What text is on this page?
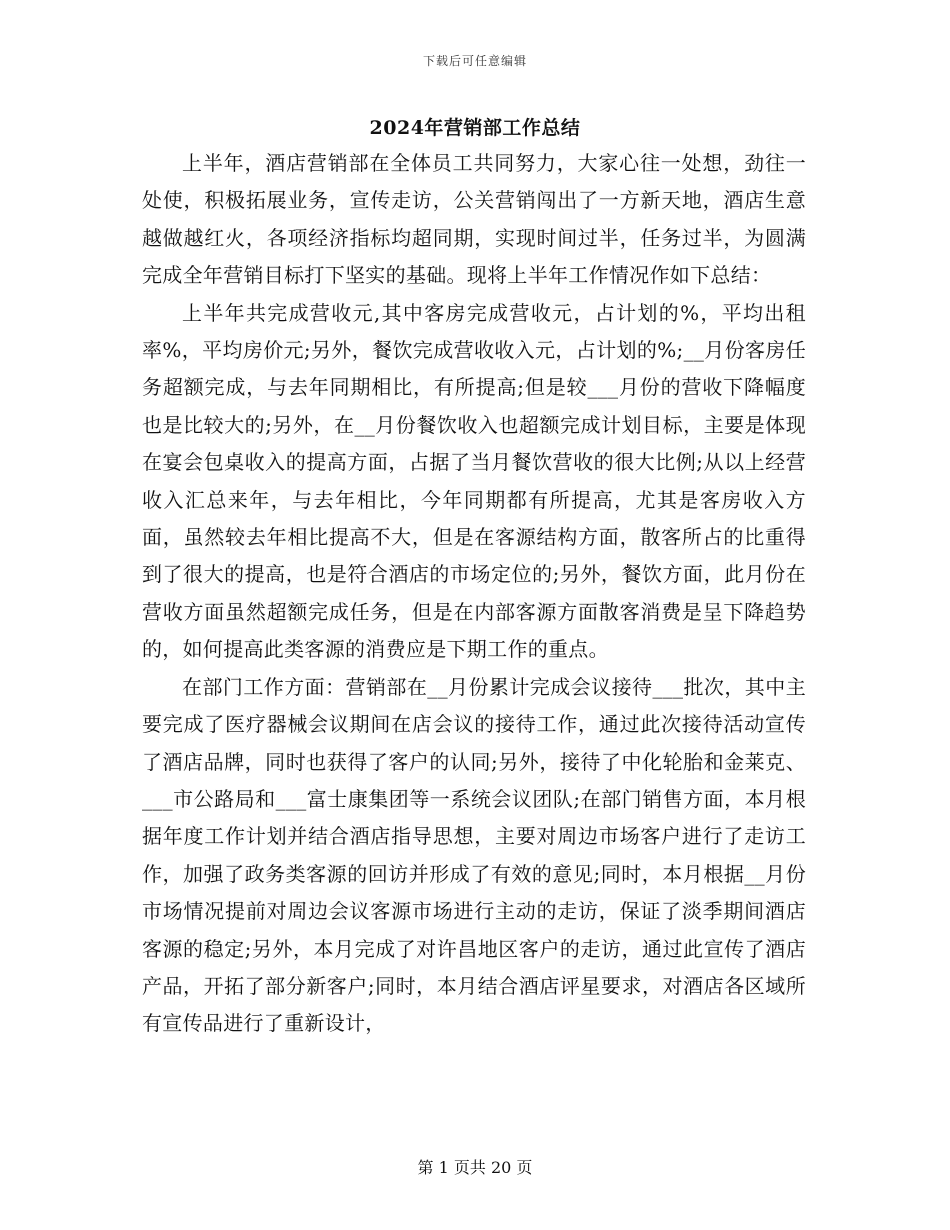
下载后可任意编辑
2024年营销部工作总结

上半年，酒店营销部在全体员工共同努力，大家心往一处想，劲往一处使，积极拓展业务，宣传走访，公关营销闯出了一方新天地，酒店生意越做越红火，各项经济指标均超同期，实现时间过半，任务过半，为圆满完成全年营销目标打下坚实的基础。现将上半年工作情况作如下总结：

上半年共完成营收元,其中客房完成营收元，占计划的%，平均出租率%，平均房价元;另外，餐饮完成营收收入元，占计划的%;__月份客房任务超额完成，与去年同期相比，有所提高;但是较___月份的营收下降幅度也是比较大的;另外，在__月份餐饮收入也超额完成计划目标，主要是体现在宴会包桌收入的提高方面，占据了当月餐饮营收的很大比例;从以上经营收入汇总来年，与去年相比，今年同期都有所提高，尤其是客房收入方面，虽然较去年相比提高不大，但是在客源结构方面，散客所占的比重得到了很大的提高，也是符合酒店的市场定位的;另外，餐饮方面，此月份在营收方面虽然超额完成任务，但是在内部客源方面散客消费是呈下降趋势的，如何提高此类客源的消费应是下期工作的重点。

在部门工作方面：营销部在__月份累计完成会议接待___批次，其中主要完成了医疗器械会议期间在店会议的接待工作，通过此次接待活动宣传了酒店品牌，同时也获得了客户的认同;另外，接待了中化轮胎和金莱克、___市公路局和___富士康集团等一系统会议团队;在部门销售方面，本月根据年度工作计划并结合酒店指导思想，主要对周边市场客户进行了走访工作，加强了政务类客源的回访并形成了有效的意见;同时，本月根据__月份市场情况提前对周边会议客源市场进行主动的走访，保证了淡季期间酒店客源的稳定;另外，本月完成了对许昌地区客户的走访，通过此宣传了酒店产品，开拓了部分新客户;同时，本月结合酒店评星要求，对酒店各区域所有宣传品进行了重新设计，

第 1 页共 20 页
